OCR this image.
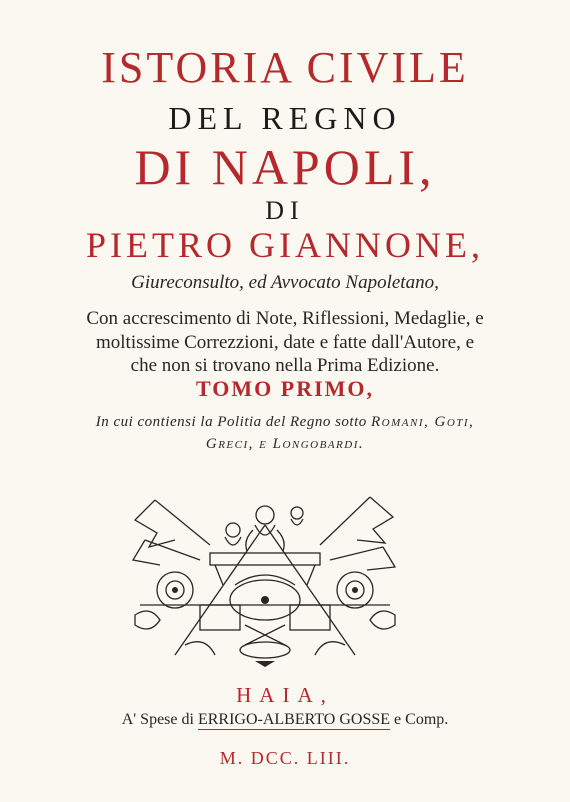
ISTORIA CIVILE
DEL REGNO
DI NAPOLI,
DI
PIETRO GIANNONE,
Giureconsulto, ed Avvocato Napoletano,
Con accrescimento di Note, Riflessioni, Medaglie, e
moltissime Correzzioni, date e fatte dall'Autore, e
che non si trovano nella Prima Edizione.
TOMO PRIMO,
In cui contiensi la Politia del Regno sotto Romani, Goti,
Greci, e Longobardi.
HAIA,
A' Spese di ERRIGO-ALBERTO GOSSE e Comp.
M. DCC. LIII.
